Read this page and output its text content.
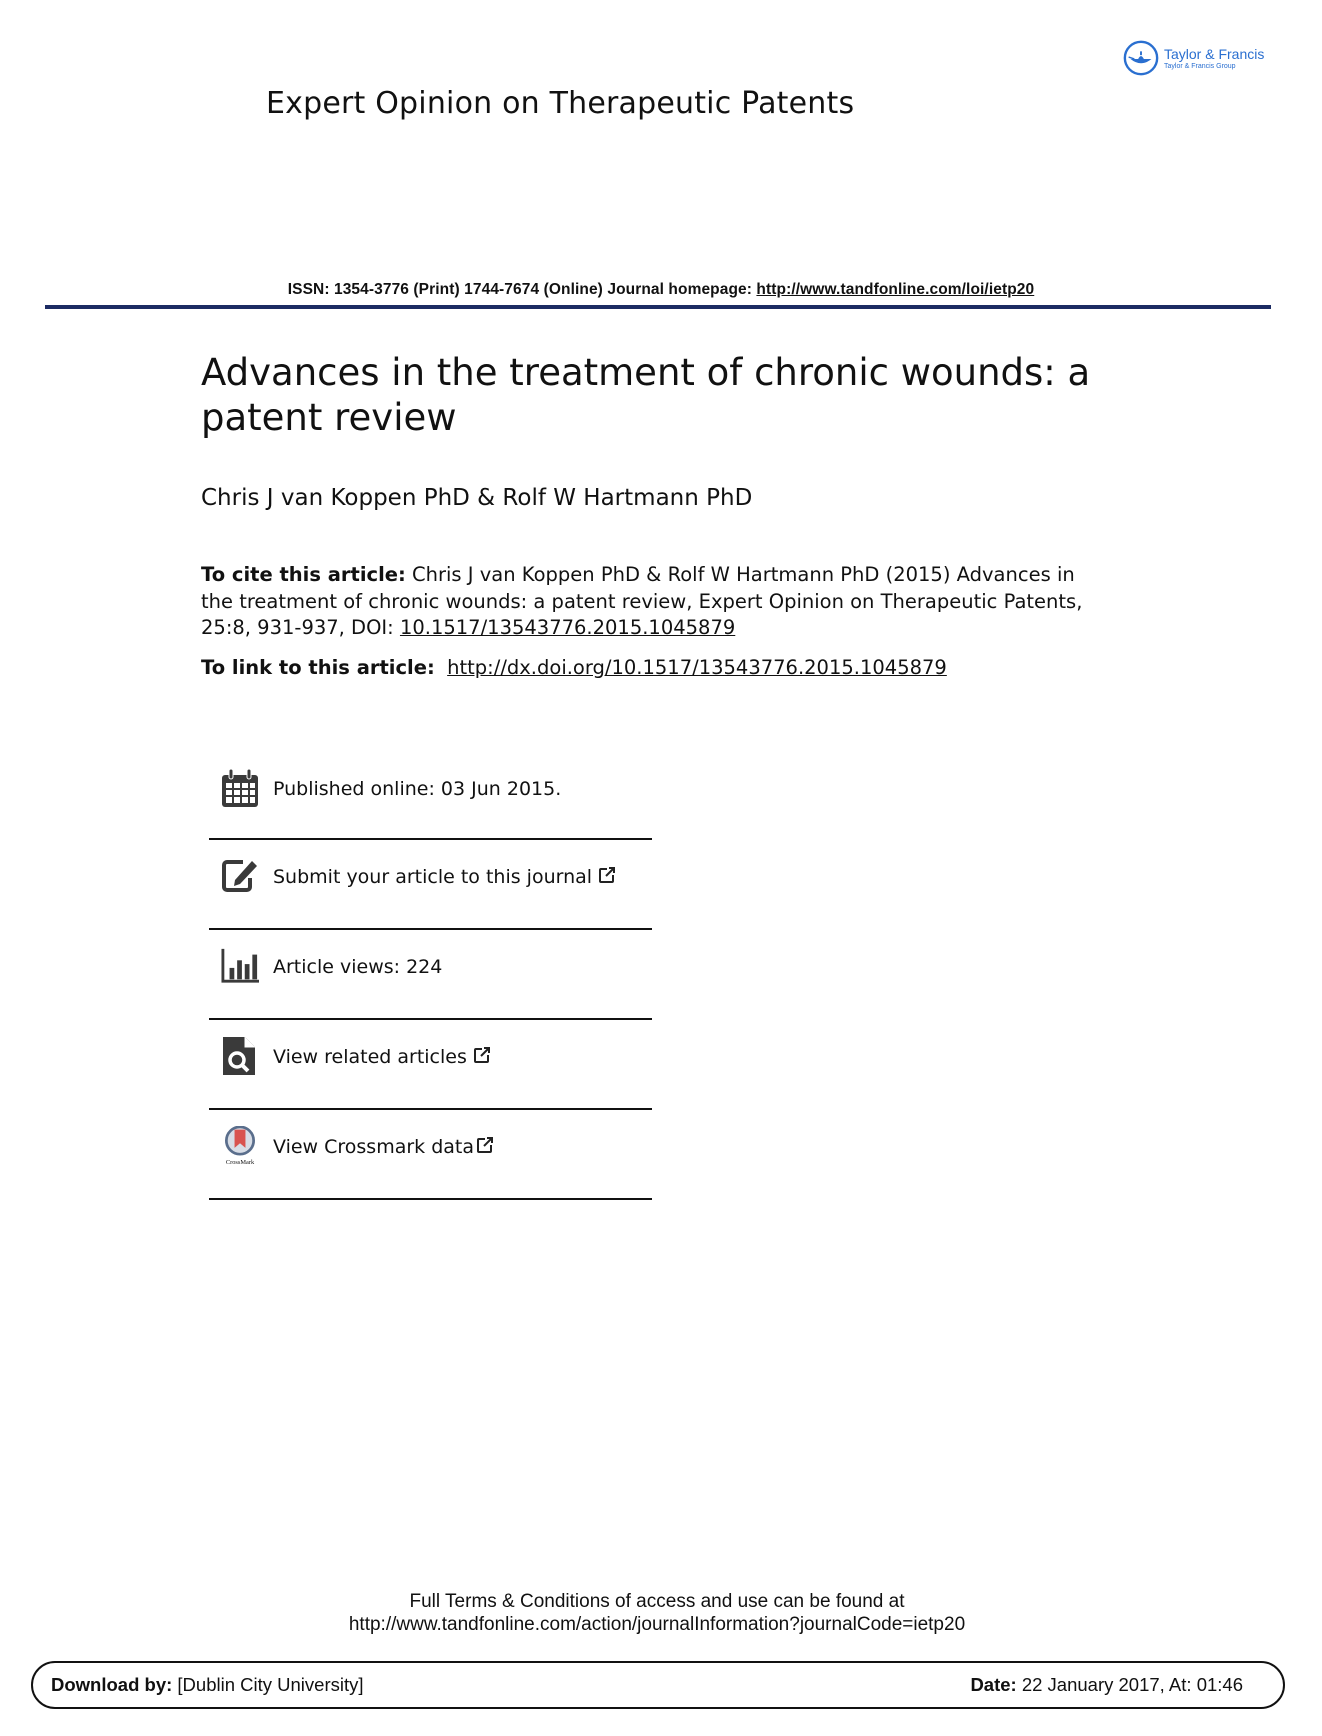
Expert Opinion on Therapeutic Patents
Taylor & Francis
Taylor & Francis Group
ISSN: 1354-3776 (Print) 1744-7674 (Online) Journal homepage: http://www.tandfonline.com/loi/ietp20
Advances in the treatment of chronic wounds: a patent review
Chris J van Koppen PhD & Rolf W Hartmann PhD
To cite this article: Chris J van Koppen PhD & Rolf W Hartmann PhD (2015) Advances in the treatment of chronic wounds: a patent review, Expert Opinion on Therapeutic Patents, 25:8, 931-937, DOI: 10.1517/13543776.2015.1045879
To link to this article: http://dx.doi.org/10.1517/13543776.2015.1045879
Published online: 03 Jun 2015.
Submit your article to this journal
Article views: 224
View related articles
CrossMark
View Crossmark data
Full Terms & Conditions of access and use can be found at
http://www.tandfonline.com/action/journalInformation?journalCode=ietp20
Download by: [Dublin City University]	Date: 22 January 2017, At: 01:46
